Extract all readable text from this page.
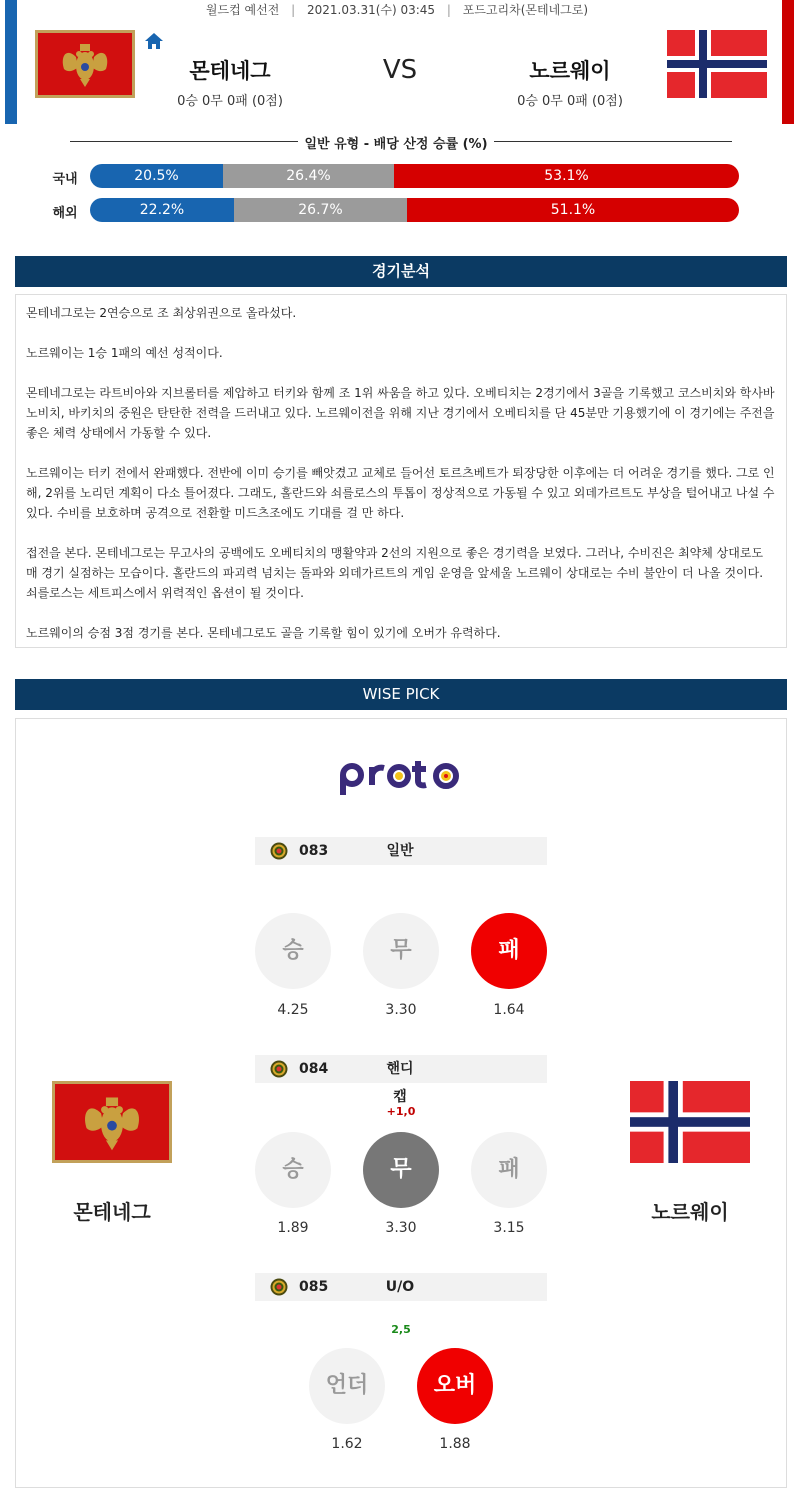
월드컵 예선전 | 2021.03.31(수) 03:45 | 포드고리차(몬테네그로)
몬테네그
0승 0무 0패 (0점)
VS	노르웨이
0승 0무 0패 (0점)
일반 유형 - 배당 산정 승률 (%)
국내	20.5%	26.4%	53.1%
해외	22.2%	26.7%	51.1%
경기분석

몬테네그로는 2연승으로 조 최상위권으로 올라섰다.

노르웨이는 1승 1패의 예선 성적이다.

몬테네그로는 라트비아와 지브롤터를 제압하고 터키와 함께 조 1위 싸움을 하고 있다. 오베티치는 2경기에서 3골을 기록했고 코스비치와 학사바노비치, 바키치의 중원은 탄탄한 전력을 드러내고 있다. 노르웨이전을 위해 지난 경기에서 오베티치를 단 45분만 기용했기에 이 경기에는 주전을 좋은 체력 상태에서 가동할 수 있다.

노르웨이는 터키 전에서 완패했다. 전반에 이미 승기를 빼앗겼고 교체로 들어선 토르츠베트가 퇴장당한 이후에는 더 어려운 경기를 했다. 그로 인해, 2위를 노리던 계획이 다소 틀어졌다. 그래도, 홀란드와 쇠를로스의 투톱이 정상적으로 가동될 수 있고 외데가르트도 부상을 털어내고 나설 수 있다. 수비를 보호하며 공격으로 전환할 미드츠조에도 기대를 걸 만 하다.

접전을 본다. 몬테네그로는 무고사의 공백에도 오베티치의 맹활약과 2선의 지원으로 좋은 경기력을 보였다. 그러나, 수비진은 최약체 상대로도 매 경기 실점하는 모습이다. 홀란드의 파괴력 넘치는 돌파와 외데가르트의 게임 운영을 앞세울 노르웨이 상대로는 수비 불안이 더 나올 것이다. 쇠를로스는 세트피스에서 위력적인 옵션이 될 것이다.

노르웨이의 승점 3점 경기를 본다. 몬테네그로도 골을 기록할 힘이 있기에 오버가 유력하다.

WISE PICK
083	일반
승	무	패
4.25	3.30	1.64
084	핸디캡
+1,0
승	무	패
1.89	3.30	3.15
085	U/O
2,5
언더	오버
1.62	1.88
몬테네그	노르웨이
